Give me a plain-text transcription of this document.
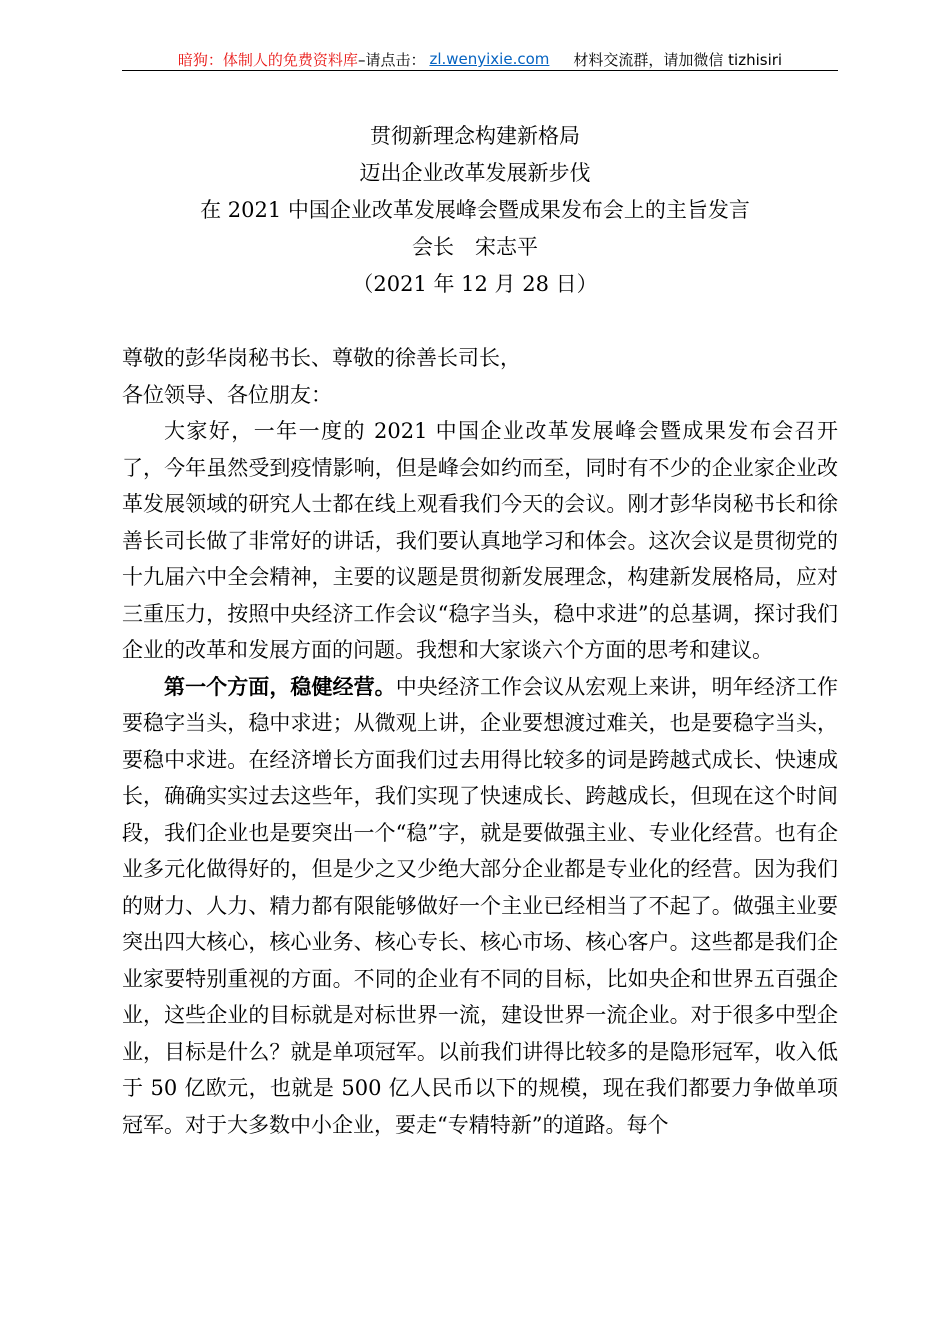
暗狗：体制人的免费资料库 –请点击： zl.wenyixie.com 材料交流群，请加微信 tizhisiri
贯彻新理念构建新格局
迈出企业改革发展新步伐
在 2021 中国企业改革发展峰会暨成果发布会上的主旨发言
会长　宋志平
（2021 年 12 月 28 日）
尊敬的彭华岗秘书长、尊敬的徐善长司长，
各位领导、各位朋友：
大家好，一年一度的 2021 中国企业改革发展峰会暨成果发布会召开了，今年虽然受到疫情影响，但是峰会如约而至，同时有不少的企业家企业改革发展领域的研究人士都在线上观看我们今天的会议。刚才彭华岗秘书长和徐善长司长做了非常好的讲话，我们要认真地学习和体会。这次会议是贯彻党的十九届六中全会精神，主要的议题是贯彻新发展理念，构建新发展格局，应对三重压力，按照中央经济工作会议“稳字当头，稳中求进”的总基调，探讨我们企业的改革和发展方面的问题。我想和大家谈六个方面的思考和建议。
第一个方面，稳健经营。中央经济工作会议从宏观上来讲，明年经济工作要稳字当头，稳中求进；从微观上讲，企业要想渡过难关，也是要稳字当头，要稳中求进。在经济增长方面我们过去用得比较多的词是跨越式成长、快速成长，确确实实过去这些年，我们实现了快速成长、跨越成长，但现在这个时间段，我们企业也是要突出一个“稳”字，就是要做强主业、专业化经营。也有企业多元化做得好的，但是少之又少绝大部分企业都是专业化的经营。因为我们的财力、人力、精力都有限能够做好一个主业已经相当了不起了。做强主业要突出四大核心，核心业务、核心专长、核心市场、核心客户。这些都是我们企业家要特别重视的方面。不同的企业有不同的目标，比如央企和世界五百强企业，这些企业的目标就是对标世界一流，建设世界一流企业。对于很多中型企业，目标是什么？就是单项冠军。以前我们讲得比较多的是隐形冠军，收入低于 50 亿欧元，也就是 500 亿人民币以下的规模，现在我们都要力争做单项冠军。对于大多数中小企业，要走“专精特新”的道路。每个
